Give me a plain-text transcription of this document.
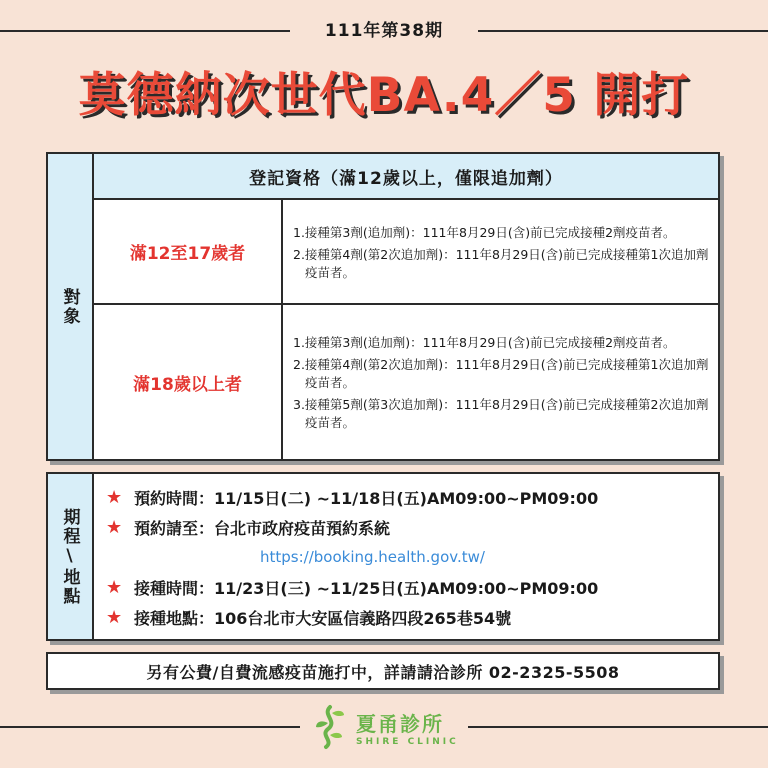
111年第38期
莫德納次世代BA.4／5 開打
對象
登記資格（滿12歲以上，僅限追加劑）
滿12至17歲者
1.接種第3劑(追加劑)：111年8月29日(含)前已完成接種2劑疫苗者。
2.接種第4劑(第2次追加劑)：111年8月29日(含)前已完成接種第1次追加劑疫苗者。
滿18歲以上者
1.接種第3劑(追加劑)：111年8月29日(含)前已完成接種2劑疫苗者。
2.接種第4劑(第2次追加劑)：111年8月29日(含)前已完成接種第1次追加劑疫苗者。
3.接種第5劑(第3次追加劑)：111年8月29日(含)前已完成接種第2次追加劑疫苗者。
期程\地點
★ 預約時間： 11/15日(二) ~11/18日(五)AM09:00~PM09:00
★ 預約請至： 台北市政府疫苗預約系統
https://booking.health.gov.tw/
★ 接種時間： 11/23日(三) ~11/25日(五)AM09:00~PM09:00
★ 接種地點： 106台北市大安區信義路四段265巷54號
另有公費/自費流感疫苗施打中，詳請請洽診所 02-2325-5508
夏甬診所
SHIRE CLINIC
